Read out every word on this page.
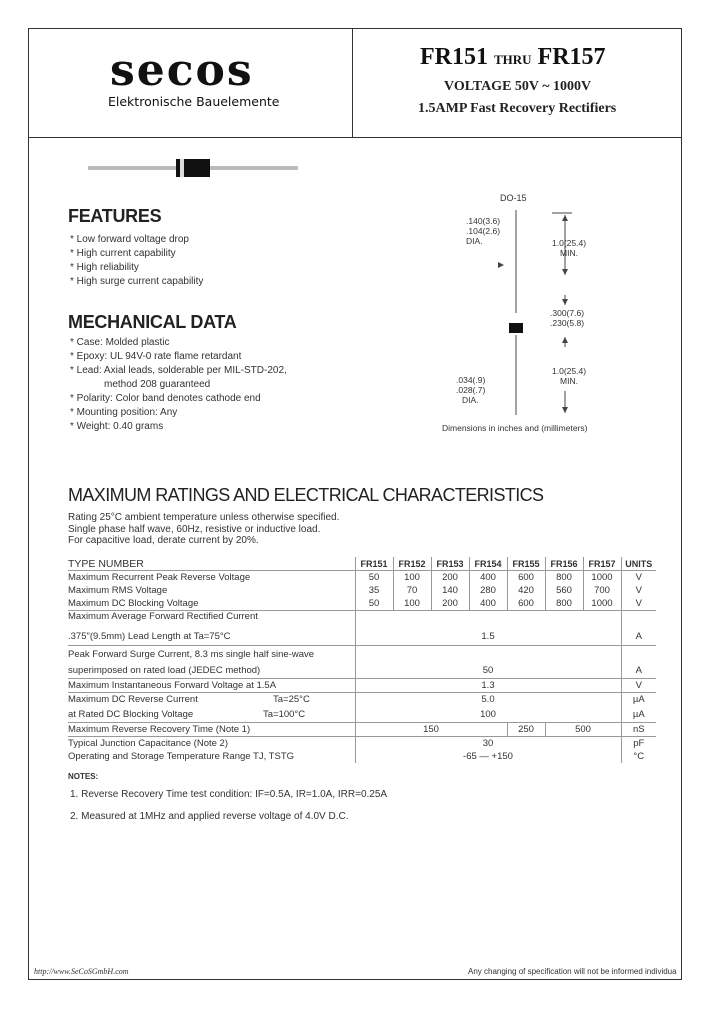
secos
Elektronische Bauelemente
FR151 THRU FR157
VOLTAGE 50V ~ 1000V
1.5AMP Fast Recovery Rectifiers
DO-15
.140(3.6)
.104(2.6)
DIA.	1.0(25.4)
MIN.
.300(7.6)
.230(5.8)
.034(.9)
.028(.7)
DIA.
1.0(25.4)
MIN.
Dimensions in inches and (millimeters)
FEATURES
* Low forward voltage drop
* High current capability
* High reliability
* High surge current capability
MECHANICAL DATA
* Case: Molded plastic
* Epoxy: UL 94V-0 rate flame retardant
* Lead: Axial leads, solderable per MIL-STD-202,
method 208 guaranteed
* Polarity: Color band denotes cathode end
* Mounting position: Any
* Weight: 0.40 grams
MAXIMUM RATINGS AND ELECTRICAL CHARACTERISTICS
Rating 25°C ambient temperature unless otherwise specified.
Single phase half wave, 60Hz, resistive or inductive load.
For capacitive load, derate current by 20%.
TYPE NUMBER	FR151	FR152	FR153	FR154	FR155	FR156	FR157	UNITS
Maximum Recurrent Peak Reverse Voltage	50	100	200	400	600	800	1000	V
Maximum RMS Voltage	35	70	140	280	420	560	700	V
Maximum DC Blocking Voltage	50	100	200	400	600	800	1000	V
Maximum Average Forward Rectified Current								
.375"(9.5mm) Lead Length at Ta=75°C	1.5							A
Peak Forward Surge Current, 8.3 ms single half sine-wave								
superimposed on rated load (JEDEC method)	50							A
Maximum Instantaneous Forward Voltage at 1.5A	1.3							V
Maximum DC Reverse Current Ta=25°C	5.0							µA
at Rated DC Blocking Voltage Ta=100°C	100							µA
Maximum Reverse Recovery Time (Note 1)	150				250	500		nS
Typical Junction Capacitance (Note 2)	30							pF
Operating and Storage Temperature Range TJ, TSTG	-65 — +150							°C
NOTES:
1. Reverse Recovery Time test condition: IF=0.5A, IR=1.0A, IRR=0.25A
2. Measured at 1MHz and applied reverse voltage of 4.0V D.C.
http://www.SeCoSGmbH.com	Any changing of specification will not be informed individua
